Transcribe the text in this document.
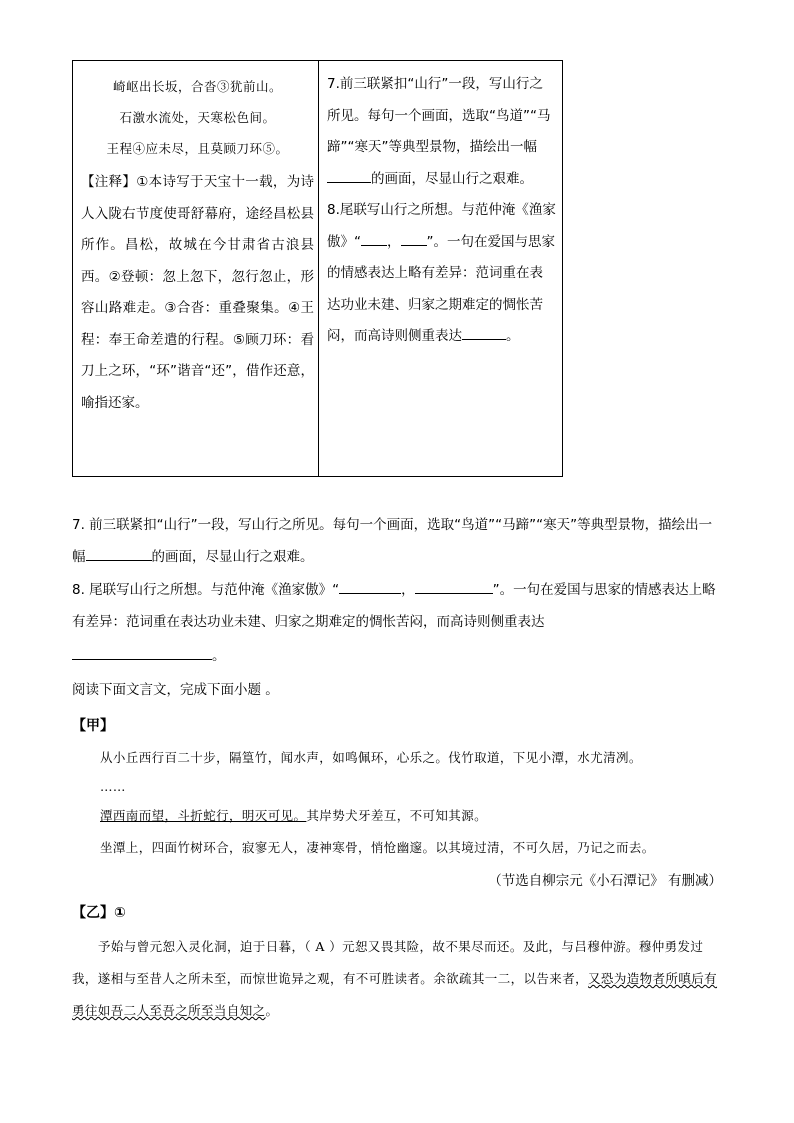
崎岖出长坂，合沓③犹前山。
石激水流处，天寒松色间。
王程④应未尽，且莫顾刀环⑤。
【注释】①本诗写于天宝十一载，为诗人入陇右节度使哥舒幕府，途经昌松县所作。昌松，故城在今甘肃省古浪县西。②登顿：忽上忽下，忽行忽止，形容山路难走。③合沓：重叠聚集。④王程：奉王命差遣的行程。⑤顾刀环：看刀上之环，“环”谐音“还”，借作还意，喻指还家。

7.前三联紧扣“山行”一段，写山行之所见。每句一个画面，选取“鸟道”“马蹄”“寒天”等典型景物，描绘出一幅的画面，尽显山行之艰难。

8.尾联写山行之所想。与范仲淹《渔家傲》“ ， ”。一句在爱国与思家的情感表达上略有差异：范词重在表达功业未建、归家之期难定的惆怅苦闷，而高诗则侧重表达	。

7. 前三联紧扣“山行”一段，写山行之所见。每句一个画面，选取“鸟道”“马蹄”“寒天”等典型景物，描绘出一幅	的画面，尽显山行之艰难。

8. 尾联写山行之所想。与范仲淹《渔家傲》“	，	”。一句在爱国与思家的情感表达上略有差异：范词重在表达功业未建、归家之期难定的惆怅苦闷，而高诗则侧重表达

。

阅读下面文言文，完成下面小题 。

【甲】

从小丘西行百二十步，隔篁竹，闻水声，如鸣佩环，心乐之。伐竹取道，下见小潭，水尤清冽。

……

潭西南而望，斗折蛇行，明灭可见。其岸势犬牙差互，不可知其源。

坐潭上，四面竹树环合，寂寥无人，凄神寒骨，悄怆幽邃。以其境过清，不可久居，乃记之而去。

（节选自柳宗元《小石潭记》 有删减）

【乙】①

予始与曾元恕入灵化洞，迫于日暮，（ A ）元恕又畏其险，故不果尽而还。及此，与吕穆仲游。穆仲勇发过我，遂相与至昔人之所未至，而惊世诡异之观，有不可胜读者。余欲疏其一二，以告来者，又恐为造物者所嗔后有勇往如吾二人至吾之所至当自知之。
